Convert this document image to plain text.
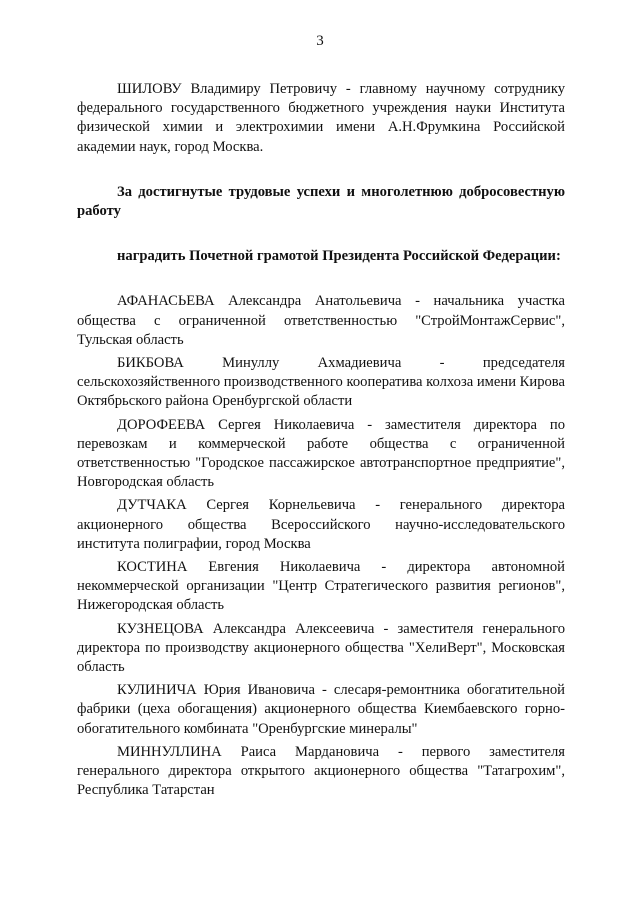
3

ШИЛОВУ Владимиру Петровичу - главному научному сотруднику федерального государственного бюджетного учреждения науки Института физической химии и электрохимии имени А.Н.Фрумкина Российской академии наук, город Москва.

За достигнутые трудовые успехи и многолетнюю добросовестную работу

наградить Почетной грамотой Президента Российской Федерации:

АФАНАСЬЕВА Александра Анатольевича - начальника участка общества с ограниченной ответственностью "СтройМонтажСервис", Тульская область

БИКБОВА Минуллу Ахмадиевича - председателя сельскохозяйственного производственного кооператива колхоза имени Кирова Октябрьского района Оренбургской области

ДОРОФЕЕВА Сергея Николаевича - заместителя директора по перевозкам и коммерческой работе общества с ограниченной ответственностью "Городское пассажирское автотранспортное предприятие", Новгородская область

ДУТЧАКА Сергея Корнельевича - генерального директора акционерного общества Всероссийского научно-исследовательского института полиграфии, город Москва

КОСТИНА Евгения Николаевича - директора автономной некоммерческой организации "Центр Стратегического развития регионов", Нижегородская область

КУЗНЕЦОВА Александра Алексеевича - заместителя генерального директора по производству акционерного общества "ХелиВерт", Московская область

КУЛИНИЧА Юрия Ивановича - слесаря-ремонтника обогатительной фабрики (цеха обогащения) акционерного общества Киембаевского горно-обогатительного комбината "Оренбургские минералы"

МИННУЛЛИНА Раиса Мардановича - первого заместителя генерального директора открытого акционерного общества "Татагрохим", Республика Татарстан
